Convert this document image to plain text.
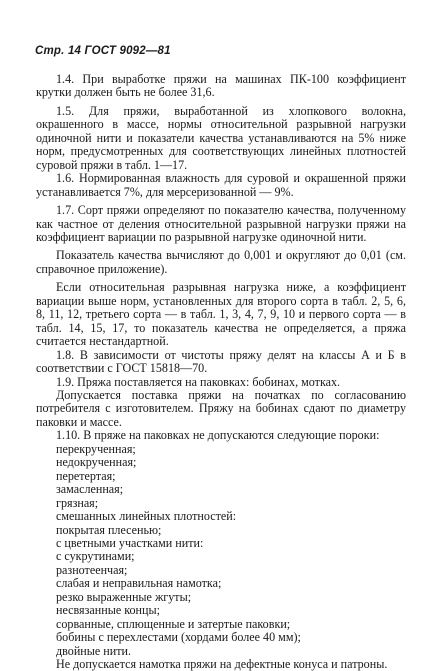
Стр. 14 ГОСТ 9092—81

1.4. При выработке пряжи на машинах ПК-100 коэффициент крутки должен быть не более 31,6.

1.5. Для пряжи, выработанной из хлопкового волокна, окрашенного в массе, нормы относительной разрывной нагрузки одиночной нити и показатели качества устанавливаются на 5% ниже норм, предусмотренных для соответствующих линейных плотностей суровой пряжи в табл. 1—17.

1.6. Нормированная влажность для суровой и окрашенной пряжи устанавливается 7%, для мерсеризованной — 9%.

1.7. Сорт пряжи определяют по показателю качества, полученному как частное от деления относительной разрывной нагрузки пряжи на коэффициент вариации по разрывной нагрузке одиночной нити.

Показатель качества вычисляют до 0,001 и округляют до 0,01 (см. справочное приложение).

Если относительная разрывная нагрузка ниже, а коэффициент вариации выше норм, установленных для второго сорта в табл. 2, 5, 6, 8, 11, 12, третьего сорта — в табл. 1, 3, 4, 7, 9, 10 и первого сорта — в табл. 14, 15, 17, то показатель качества не определяется, а пряжа считается нестандартной.

1.8. В зависимости от чистоты пряжу делят на классы А и Б в соответствии с ГОСТ 15818—70.

1.9. Пряжа поставляется на паковках: бобинах, мотках.

Допускается поставка пряжи на початках по согласованию потребителя с изготовителем. Пряжу на бобинах сдают по диаметру паковки и массе.

1.10. В пряже на паковках не допускаются следующие пороки:

перекрученная;
недокрученная;
перетертая;
замасленная;
грязная;
смешанных линейных плотностей:
покрытая плесенью;
с цветными участками нити:
с сукрутинами;
разнотеенчая;
слабая и неправильная намотка;
резко выраженные жгуты;
несвязанные концы;
сорванные, сплющенные и затертые паковки;
бобины с перехлестами (хордами более 40 мм);
двойные нити.

Не допускается намотка пряжи на дефектные конуса и патроны.
